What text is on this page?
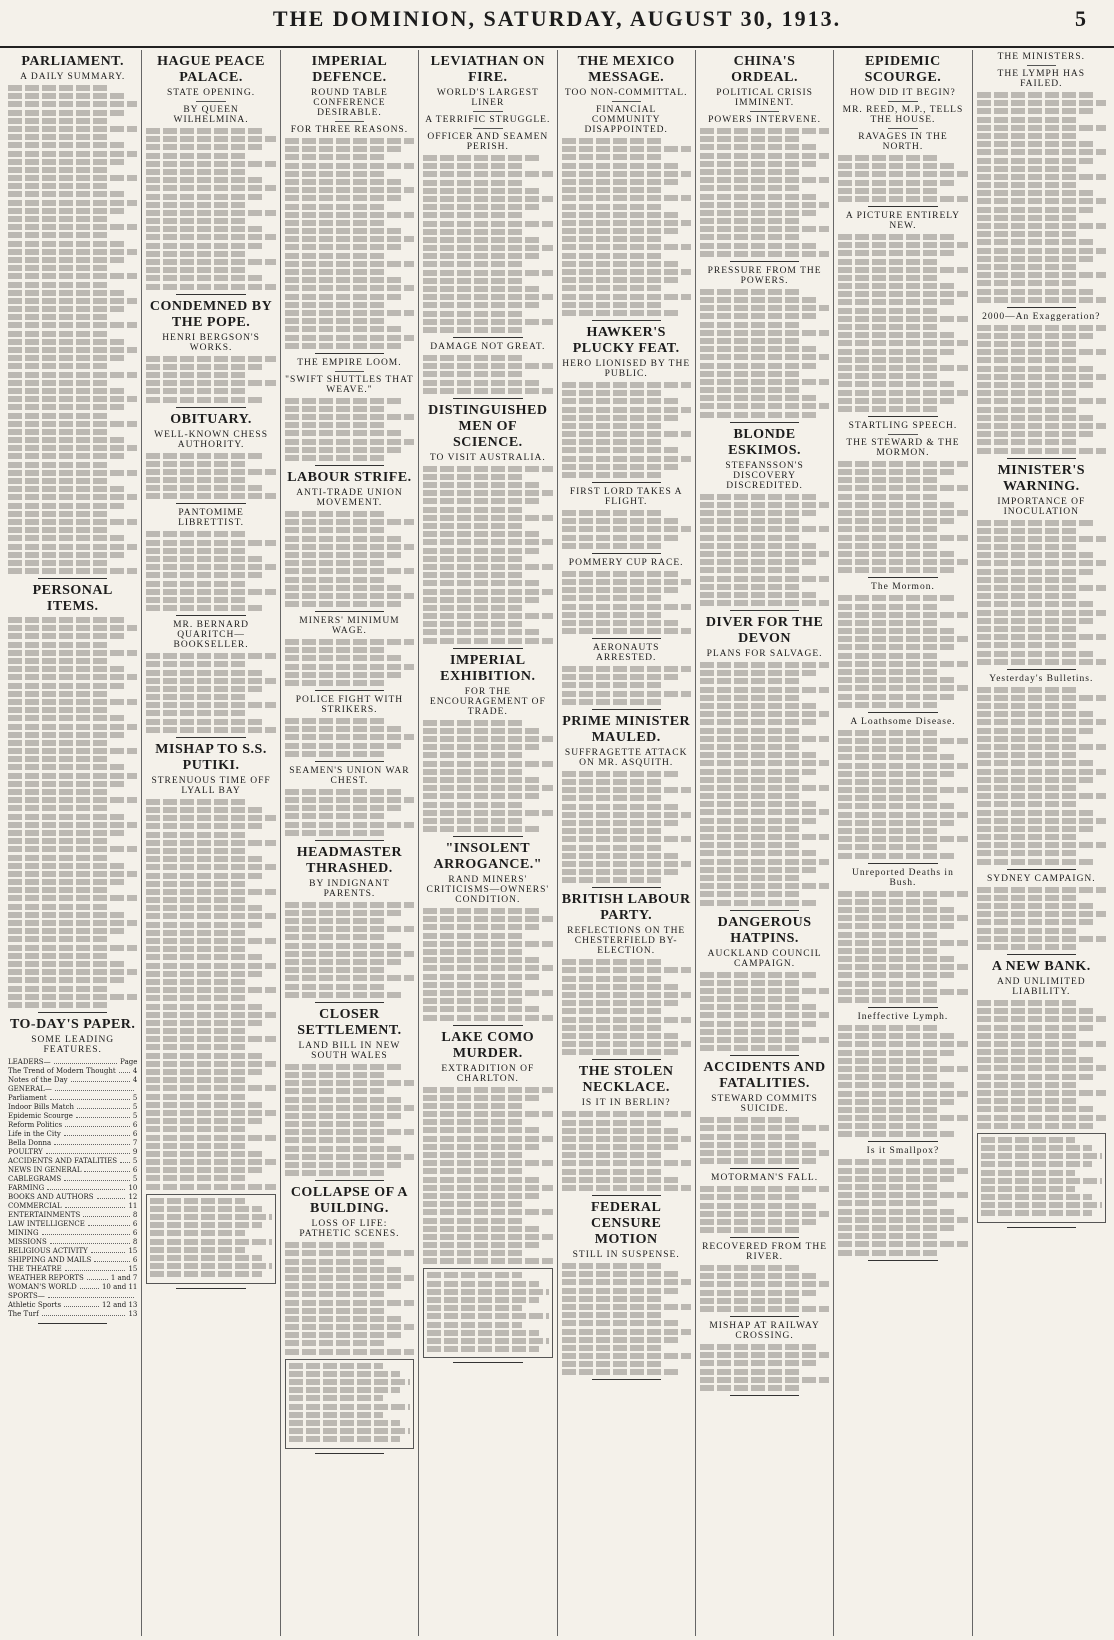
THE DOMINION, SATURDAY, AUGUST 30, 1913.	5
PARLIAMENT.
A DAILY SUMMARY.
PERSONAL ITEMS.
TO-DAY'S PAPER.
SOME LEADING FEATURES.
LEADERS—	Page
The Trend of Modern Thought 4
Notes of the Day	4
GENERAL—
Parliament	5
Indoor Bills Match	5
Epidemic Scourge	5
Reform Politics	6
Life in the City	6
Bella Donna	7
POULTRY	9
ACCIDENTS AND FATALITIES 5
NEWS IN GENERAL	6
CABLEGRAMS	5
FARMING	10
BOOKS AND AUTHORS	12
COMMERCIAL	11
ENTERTAINMENTS	8
LAW INTELLIGENCE	6
MINING	6
MISSIONS	8
RELIGIOUS ACTIVITY	15
SHIPPING AND MAILS	6
THE THEATRE	15
WEATHER REPORTS	1 and 7
WOMAN'S WORLD	10 and 11
SPORTS—
Athletic Sports	12 and 13
The Turf	13
HAGUE PEACE PALACE.
STATE OPENING.
BY QUEEN WILHELMINA.
CONDEMNED BY THE POPE.
HENRI BERGSON'S WORKS.
OBITUARY.
WELL-KNOWN CHESS AUTHORITY.
PANTOMIME LIBRETTIST.
MR. BERNARD QUARITCH—BOOKSELLER.
MISHAP TO S.S. PUTIKI.
STRENUOUS TIME OFF LYALL BAY
IMPERIAL DEFENCE.
ROUND TABLE CONFERENCE DESIRABLE.
FOR THREE REASONS.
THE EMPIRE LOOM.
"SWIFT SHUTTLES THAT WEAVE."
LABOUR STRIFE.
ANTI-TRADE UNION MOVEMENT.
MINERS' MINIMUM WAGE.
POLICE FIGHT WITH STRIKERS.
SEAMEN'S UNION WAR CHEST.
HEADMASTER THRASHED.
BY INDIGNANT PARENTS.
CLOSER SETTLEMENT.
LAND BILL IN NEW SOUTH WALES
COLLAPSE OF A BUILDING.
LOSS OF LIFE: PATHETIC SCENES.
LEVIATHAN ON FIRE.
WORLD'S LARGEST LINER
A TERRIFIC STRUGGLE.
OFFICER AND SEAMEN PERISH.
DAMAGE NOT GREAT.
DISTINGUISHED MEN OF SCIENCE.
TO VISIT AUSTRALIA.
IMPERIAL EXHIBITION.
FOR THE ENCOURAGEMENT OF TRADE.
"INSOLENT ARROGANCE."
RAND MINERS' CRITICISMS—OWNERS' CONDITION.
LAKE COMO MURDER.
EXTRADITION OF CHARLTON.
THE MEXICO MESSAGE.
TOO NON-COMMITTAL.
FINANCIAL COMMUNITY DISAPPOINTED.
HAWKER'S PLUCKY FEAT.
HERO LIONISED BY THE PUBLIC.
FIRST LORD TAKES A FLIGHT.
POMMERY CUP RACE.
AERONAUTS ARRESTED.
PRIME MINISTER MAULED.
SUFFRAGETTE ATTACK ON MR. ASQUITH.
BRITISH LABOUR PARTY.
REFLECTIONS ON THE CHESTERFIELD BY-ELECTION.
THE STOLEN NECKLACE.
IS IT IN BERLIN?
FEDERAL CENSURE MOTION
STILL IN SUSPENSE.
CHINA'S ORDEAL.
POLITICAL CRISIS IMMINENT.
POWERS INTERVENE.
PRESSURE FROM THE POWERS.
BLONDE ESKIMOS.
STEFANSSON'S DISCOVERY DISCREDITED.
DIVER FOR THE DEVON
PLANS FOR SALVAGE.
DANGEROUS HATPINS.
AUCKLAND COUNCIL CAMPAIGN.
ACCIDENTS AND FATALITIES.
STEWARD COMMITS SUICIDE.
MOTORMAN'S FALL.
RECOVERED FROM THE RIVER.
MISHAP AT RAILWAY CROSSING.
EPIDEMIC SCOURGE.
HOW DID IT BEGIN?
MR. REED, M.P., TELLS THE HOUSE.
RAVAGES IN THE NORTH.
A PICTURE ENTIRELY NEW.
STARTLING SPEECH.
THE STEWARD & THE MORMON.
The Mormon.
A Loathsome Disease.
Unreported Deaths in Bush.
Ineffective Lymph.
Is it Smallpox?
THE MINISTERS.
THE LYMPH HAS FAILED.
2000—An Exaggeration?
MINISTER'S WARNING.
IMPORTANCE OF INOCULATION
Yesterday's Bulletins.
SYDNEY CAMPAIGN.
A NEW BANK.
AND UNLIMITED LIABILITY.
